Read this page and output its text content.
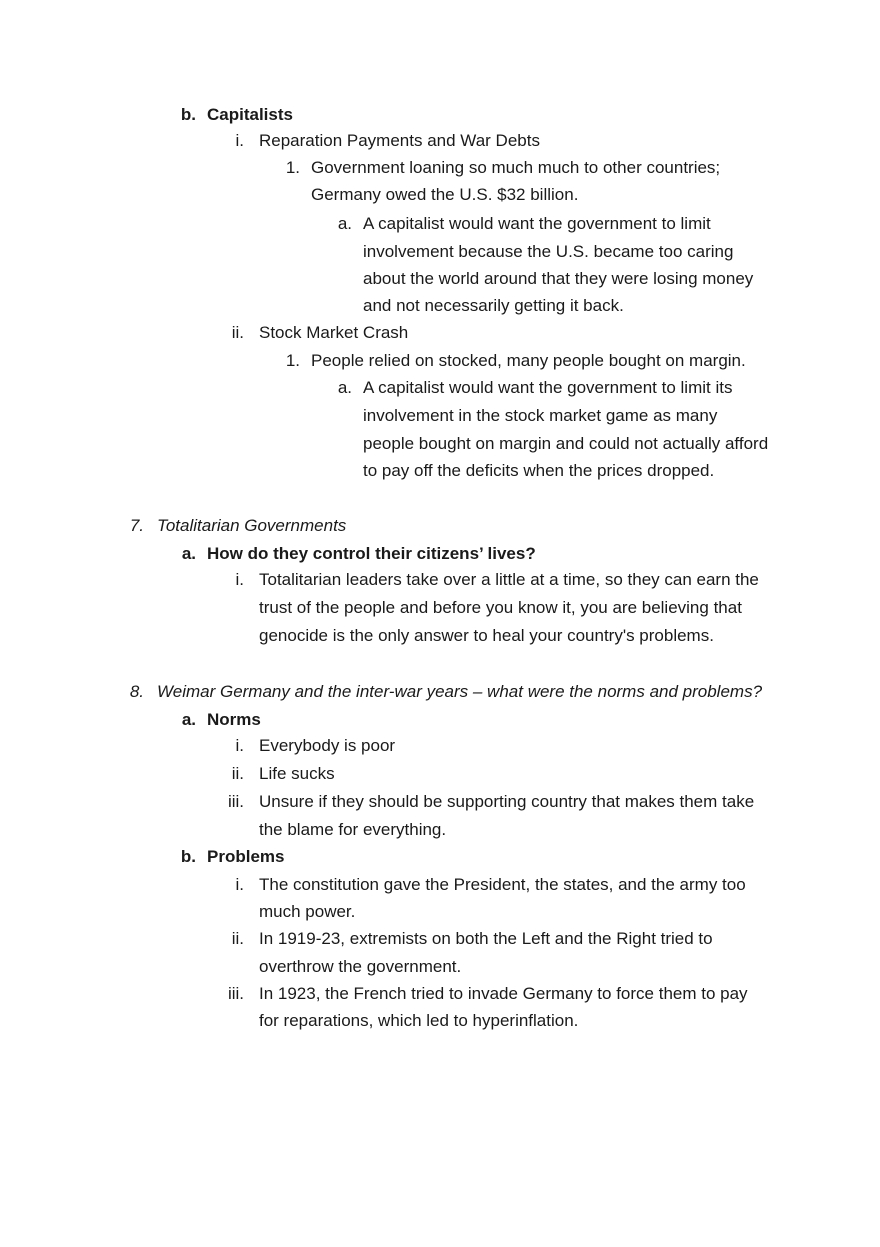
b. Capitalists
i. Reparation Payments and War Debts
1. Government loaning so much much to other countries;
Germany owed the U.S. $32 billion.
a. A capitalist would want the government to limit
involvement because the U.S. became too caring
about the world around that they were losing money
and not necessarily getting it back.
ii. Stock Market Crash
1. People relied on stocked, many people bought on margin.
a. A capitalist would want the government to limit its
involvement in the stock market game as many
people bought on margin and could not actually afford
to pay off the deficits when the prices dropped.
7. Totalitarian Governments
a. How do they control their citizens’ lives?
i. Totalitarian leaders take over a little at a time, so they can earn the
trust of the people and before you know it, you are believing that
genocide is the only answer to heal your country's problems.
8. Weimar Germany and the inter-war years – what were the norms and problems?
a. Norms
i. Everybody is poor
ii. Life sucks
iii. Unsure if they should be supporting country that makes them take
the blame for everything.
b. Problems
i. The constitution gave the President, the states, and the army too
much power.
ii. In 1919-23, extremists on both the Left and the Right tried to
overthrow the government.
iii. In 1923, the French tried to invade Germany to force them to pay
for reparations, which led to hyperinflation.
